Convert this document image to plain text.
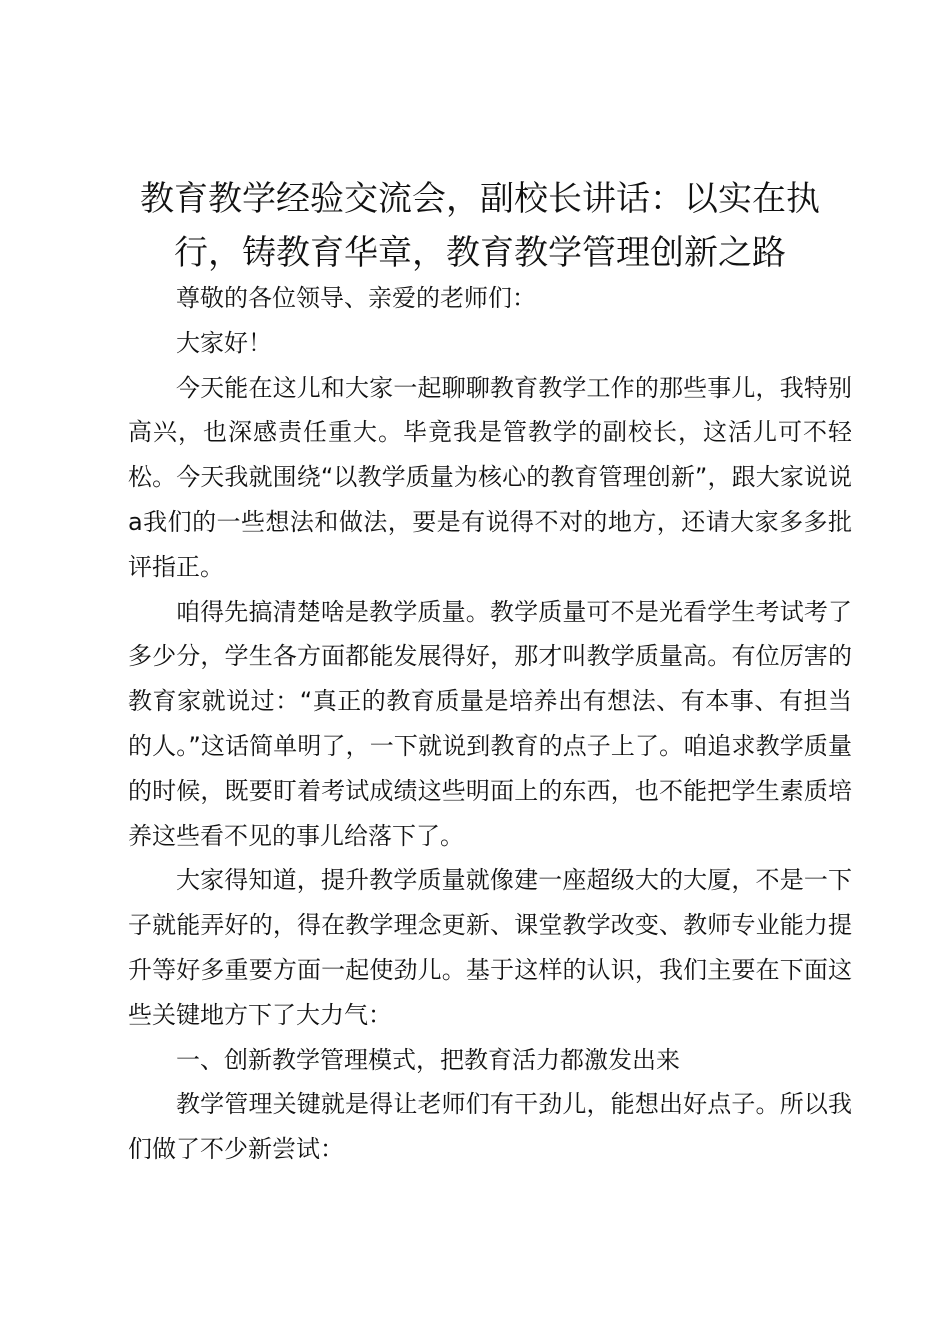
教育教学经验交流会，副校长讲话：以实在执行，铸教育华章，教育教学管理创新之路

尊敬的各位领导、亲爱的老师们：

大家好！

今天能在这儿和大家一起聊聊教育教学工作的那些事儿，我特别高兴，也深感责任重大。毕竟我是管教学的副校长，这活儿可不轻松。今天我就围绕“以教学质量为核心的教育管理创新”，跟大家说说a我们的一些想法和做法，要是有说得不对的地方，还请大家多多批评指正。

咱得先搞清楚啥是教学质量。教学质量可不是光看学生考试考了多少分，学生各方面都能发展得好，那才叫教学质量高。有位厉害的教育家就说过：“真正的教育质量是培养出有想法、有本事、有担当的人。”这话简单明了，一下就说到教育的点子上了。咱追求教学质量的时候，既要盯着考试成绩这些明面上的东西，也不能把学生素质培养这些看不见的事儿给落下了。

大家得知道，提升教学质量就像建一座超级大的大厦，不是一下子就能弄好的，得在教学理念更新、课堂教学改变、教师专业能力提升等好多重要方面一起使劲儿。基于这样的认识，我们主要在下面这些关键地方下了大力气：

一、创新教学管理模式，把教育活力都激发出来

教学管理关键就是得让老师们有干劲儿，能想出好点子。所以我们做了不少新尝试：
